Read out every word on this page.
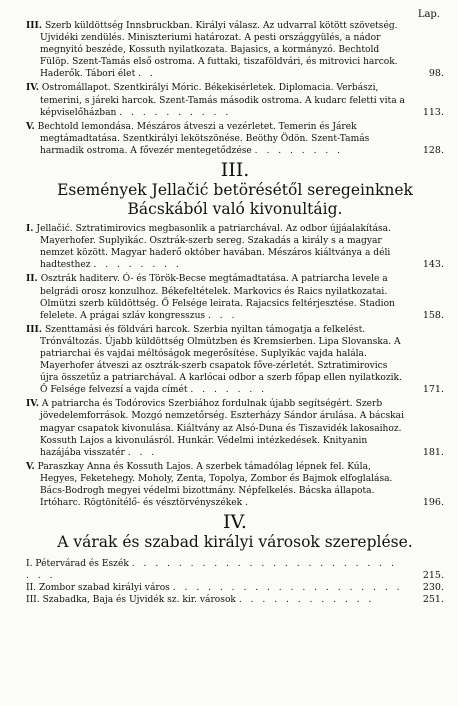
Lap.
III. Szerb küldöttség Innsbruckban. Királyi válasz. Az udvarral kötött szövetség. Ujvidéki zendülés. Miniszteriumi határozat. A pesti országgyülés, a nádor megnyitó beszéde, Kossuth nyilatkozata. Bajasics, a kormányzó. Bechtold Fülöp. Szent-Tamás első ostroma. A futtaki, tiszaföldvári, és mitrovici harcok. Haderők. Tábori élet . .	98.
IV. Ostromállapot. Szentkirályi Móric. Békekisérletek. Diplomacia. Verbászi, temerini, s járeki harcok. Szent-Tamás második ostroma. A kudarc feletti vita a képviselőházban . . . . . . . . . .	113.
V. Bechtold lemondása. Mészáros átveszi a vezérletet. Temerin és Járek megtámadtatása. Szentkirályi lekötszönése. Beöthy Ödön. Szent-Tamás harmadik ostroma. A fővezér mentegetődzése . . . . . . . .	128.
III.
Események Jellačić betörésétől seregeinknek Bácskából való kivonultáig.
I. Jellačić. Sztratimirovics megbasonlik a patriarchával. Az odbor újjáalakítása. Mayerhofer. Suplyikác. Osztrák-szerb sereg. Szakadás a király s a magyar nemzet között. Magyar haderő október havában. Mészáros kiáltványa a déli hadtesthez . . . . . . . .	143.
II. Osztrák haditerv. Ó- és Török-Becse megtámadtatása. A patriarcha levele a belgrádi orosz konzulhoz. Békefeltételek. Markovics és Raics nyilatkozatai. Olmützi szerb küldöttség. Ő Felsége leirata. Rajacsics feltérjesztése. Stadion felelete. A prágai szláv kongresszus . . .	158.
III. Szenttamási és földvári harcok. Szerbia nyiltan támogatja a felkelést. Trónváltozás. Újabb küldöttség Olmützben és Kremsierben. Lipa Slovanska. A patriarchai és vajdai méltóságok megerősítése. Suplyikác vajda halála. Mayerhofer átveszi az osztrák-szerb csapatok főve-zérletét. Sztratimirovics újra összetűz a patriarchával. A karlócai odbor a szerb főpap ellen nyilatkozik. Ő Felsége felvezsí a vajda címét . . . . . . .	171.
IV. A patriarcha és Todórovics Szerbiához fordulnak újabb segítségért. Szerb jövedelemforrások. Mozgó nemzetőrség. Eszterházy Sándor árulása. A bácskai magyar csapatok kivonulása. Kiáltvány az Alsó-Duna és Tiszavidék lakosaihoz. Kossuth Lajos a kivonulásról. Hunkár. Védelmi intézkedések. Knityanin hazájába visszatér . . .	181.
V. Paraszkay Anna és Kossuth Lajos. A szerbek támadólag lépnek fel. Kúla, Hegyes, Feketehegy. Moholy, Zenta, Topolya, Zombor és Bajmok elfoglalása. Bács-Bodrogh megyei védelmi bizottmány. Népfelkelés. Bácska állapota. Irtóharc. Rögtönítélő- és vésztörvényszékek .	196.
IV.
A várak és szabad királyi városok szereplése.
I. Pétervárad és Eszék . . . . . . . . . . . . . . . . . . . . . . . . . .	215.
II. Zombor szabad királyi város . . . . . . . . . . . . . . . . . . . . 230.
III. Szabadka, Baja és Ujvidék sz. kir. városok . . . . . . . . . . . .	251.
